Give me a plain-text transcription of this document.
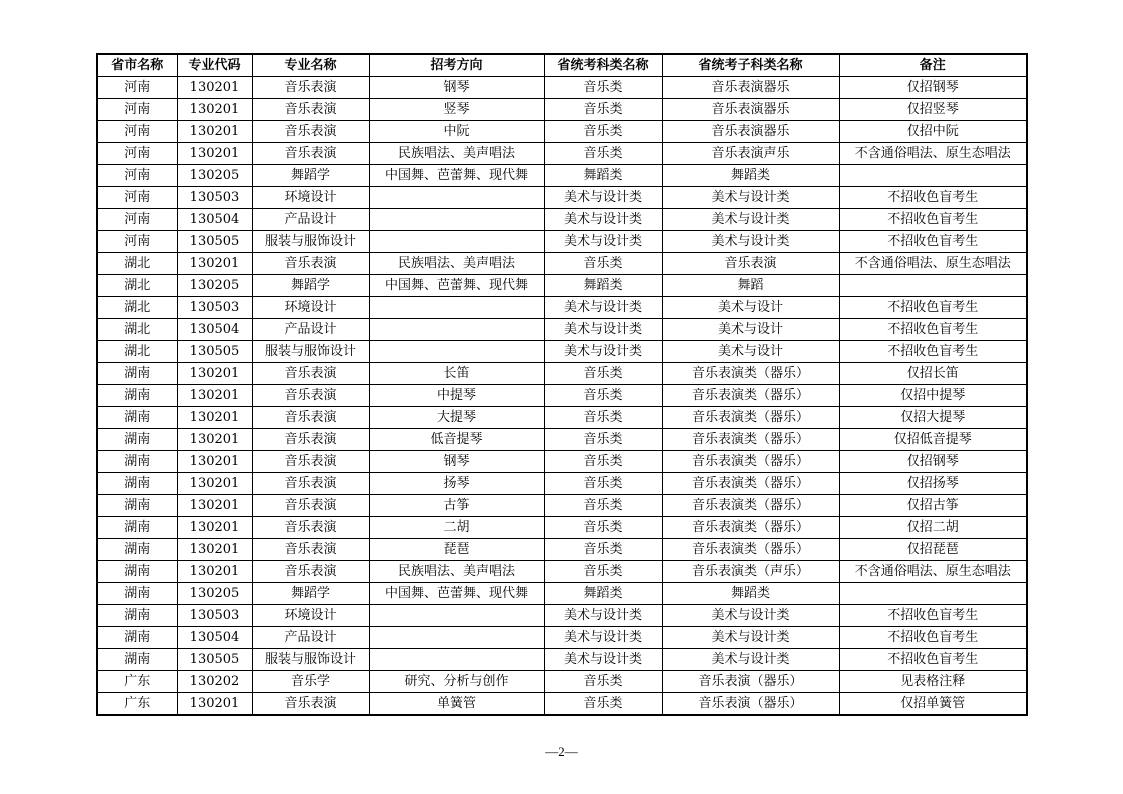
省市名称	专业代码	专业名称	招考方向	省统考科类名称	省统考子科类名称	备注
河南	130201	音乐表演	钢琴	音乐类	音乐表演器乐	仅招钢琴
河南	130201	音乐表演	竖琴	音乐类	音乐表演器乐	仅招竖琴
河南	130201	音乐表演	中阮	音乐类	音乐表演器乐	仅招中阮
河南	130201	音乐表演	民族唱法、美声唱法	音乐类	音乐表演声乐	不含通俗唱法、原生态唱法
河南	130205	舞蹈学	中国舞、芭蕾舞、现代舞	舞蹈类	舞蹈类	
河南	130503	环境设计		美术与设计类	美术与设计类	不招收色盲考生
河南	130504	产品设计		美术与设计类	美术与设计类	不招收色盲考生
河南	130505	服装与服饰设计		美术与设计类	美术与设计类	不招收色盲考生
湖北	130201	音乐表演	民族唱法、美声唱法	音乐类	音乐表演	不含通俗唱法、原生态唱法
湖北	130205	舞蹈学	中国舞、芭蕾舞、现代舞	舞蹈类	舞蹈	
湖北	130503	环境设计		美术与设计类	美术与设计	不招收色盲考生
湖北	130504	产品设计		美术与设计类	美术与设计	不招收色盲考生
湖北	130505	服装与服饰设计		美术与设计类	美术与设计	不招收色盲考生
湖南	130201	音乐表演	长笛	音乐类	音乐表演类（器乐）	仅招长笛
湖南	130201	音乐表演	中提琴	音乐类	音乐表演类（器乐）	仅招中提琴
湖南	130201	音乐表演	大提琴	音乐类	音乐表演类（器乐）	仅招大提琴
湖南	130201	音乐表演	低音提琴	音乐类	音乐表演类（器乐）	仅招低音提琴
湖南	130201	音乐表演	钢琴	音乐类	音乐表演类（器乐）	仅招钢琴
湖南	130201	音乐表演	扬琴	音乐类	音乐表演类（器乐）	仅招扬琴
湖南	130201	音乐表演	古筝	音乐类	音乐表演类（器乐）	仅招古筝
湖南	130201	音乐表演	二胡	音乐类	音乐表演类（器乐）	仅招二胡
湖南	130201	音乐表演	琵琶	音乐类	音乐表演类（器乐）	仅招琵琶
湖南	130201	音乐表演	民族唱法、美声唱法	音乐类	音乐表演类（声乐）	不含通俗唱法、原生态唱法
湖南	130205	舞蹈学	中国舞、芭蕾舞、现代舞	舞蹈类	舞蹈类	
湖南	130503	环境设计		美术与设计类	美术与设计类	不招收色盲考生
湖南	130504	产品设计		美术与设计类	美术与设计类	不招收色盲考生
湖南	130505	服装与服饰设计		美术与设计类	美术与设计类	不招收色盲考生
广东	130202	音乐学	研究、分析与创作	音乐类	音乐表演（器乐）	见表格注释
广东	130201	音乐表演	单簧管	音乐类	音乐表演（器乐）	仅招单簧管
—2—
